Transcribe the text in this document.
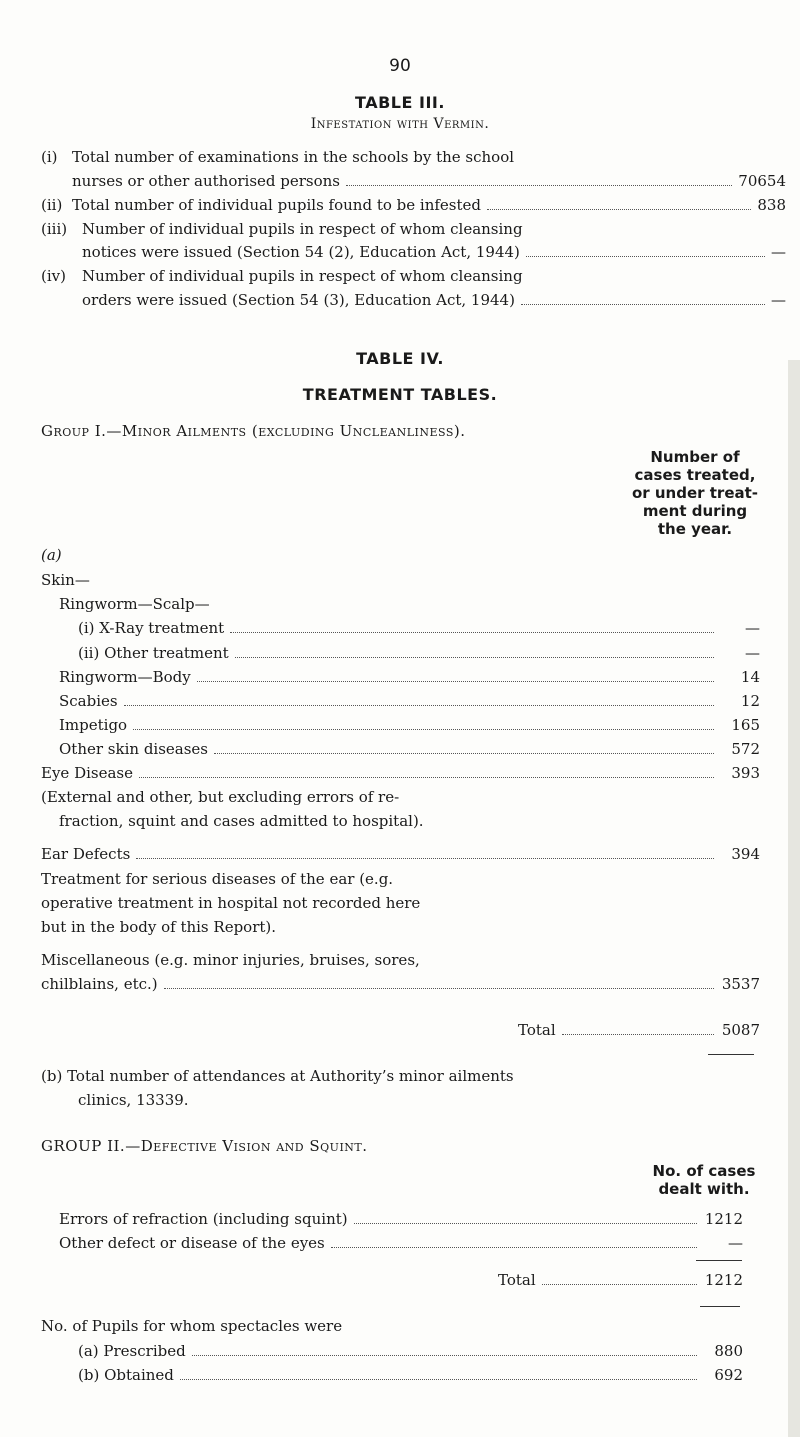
90
TABLE III.
Infestation with Vermin.
(i) Total number of examinations in the schools by the school
nurses or other authorised persons	70654
(ii) Total number of individual pupils found to be infested	838
(iii) Number of individual pupils in respect of whom cleansing
notices were issued (Section 54 (2), Education Act, 1944)	—
(iv) Number of individual pupils in respect of whom cleansing
orders were issued (Section 54 (3), Education Act, 1944)	—
TABLE IV.
TREATMENT TABLES.
Group I.—Minor Ailments (excluding Uncleanliness).
Number of
cases treated,
or under treat-
ment during
the year.
(a)
Skin—
Ringworm—Scalp—
(i) X-Ray treatment	—
(ii) Other treatment	—
Ringworm—Body	14
Scabies	12
Impetigo	165
Other skin diseases	572
Eye Disease	393
(External and other, but excluding errors of re-
fraction, squint and cases admitted to hospital).
Ear Defects	394
Treatment for serious diseases of the ear (e.g.
operative treatment in hospital not recorded here
but in the body of this Report).
Miscellaneous (e.g. minor injuries, bruises, sores,
chilblains, etc.)	3537
Total	5087
(b) Total number of attendances at Authority’s minor ailments
clinics, 13339.
GROUP II.—Defective Vision and Squint.
No. of cases
dealt with.
Errors of refraction (including squint)	1212
Other defect or disease of the eyes	—
Total	1212
No. of Pupils for whom spectacles were
(a) Prescribed	880
(b) Obtained	692
